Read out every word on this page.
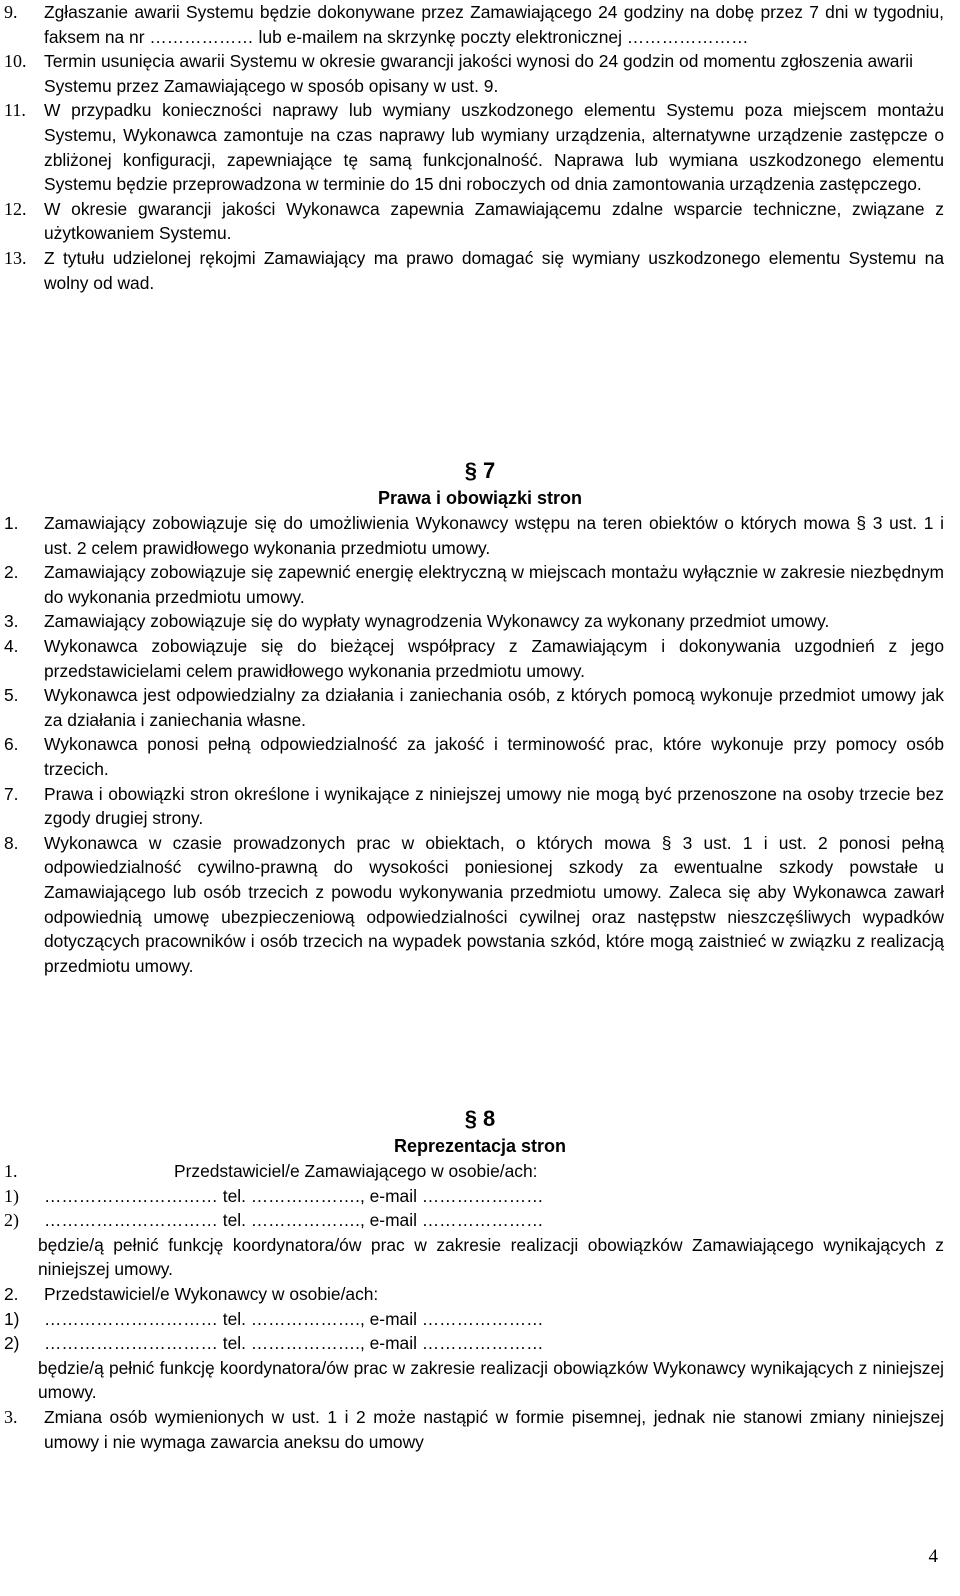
9. Zgłaszanie awarii Systemu będzie dokonywane przez Zamawiającego 24 godziny na dobę przez 7 dni w tygodniu, faksem na nr ……………… lub e-mailem na skrzynkę poczty elektronicznej …………………
10. Termin usunięcia awarii Systemu w okresie gwarancji jakości wynosi do 24 godzin od momentu zgłoszenia awarii Systemu przez Zamawiającego w sposób opisany w ust. 9.
11. W przypadku konieczności naprawy lub wymiany uszkodzonego elementu Systemu poza miejscem montażu Systemu, Wykonawca zamontuje na czas naprawy lub wymiany urządzenia, alternatywne urządzenie zastępcze o zbliżonej konfiguracji, zapewniające tę samą funkcjonalność. Naprawa lub wymiana uszkodzonego elementu Systemu będzie przeprowadzona w terminie do 15 dni roboczych od dnia zamontowania urządzenia zastępczego.
12. W okresie gwarancji jakości Wykonawca zapewnia Zamawiającemu zdalne wsparcie techniczne, związane z użytkowaniem Systemu.
13. Z tytułu udzielonej rękojmi Zamawiający ma prawo domagać się wymiany uszkodzonego elementu Systemu na wolny od wad.
§ 7
Prawa i obowiązki stron
1. Zamawiający zobowiązuje się do umożliwienia Wykonawcy wstępu na teren obiektów o których mowa § 3 ust. 1 i ust. 2 celem prawidłowego wykonania przedmiotu umowy.
2. Zamawiający zobowiązuje się zapewnić energię elektryczną w miejscach montażu wyłącznie w zakresie niezbędnym do wykonania przedmiotu umowy.
3. Zamawiający zobowiązuje się do wypłaty wynagrodzenia Wykonawcy za wykonany przedmiot umowy.
4. Wykonawca zobowiązuje się do bieżącej współpracy z Zamawiającym i dokonywania uzgodnień z jego przedstawicielami celem prawidłowego wykonania przedmiotu umowy.
5. Wykonawca jest odpowiedzialny za działania i zaniechania osób, z których pomocą wykonuje przedmiot umowy jak za działania i zaniechania własne.
6. Wykonawca ponosi pełną odpowiedzialność za jakość i terminowość prac, które wykonuje przy pomocy osób trzecich.
7. Prawa i obowiązki stron określone i wynikające z niniejszej umowy nie mogą być przenoszone na osoby trzecie bez zgody drugiej strony.
8. Wykonawca w czasie prowadzonych prac w obiektach, o których mowa § 3 ust. 1 i ust. 2 ponosi pełną odpowiedzialność cywilno-prawną do wysokości poniesionej szkody za ewentualne szkody powstałe u Zamawiającego lub osób trzecich z powodu wykonywania przedmiotu umowy. Zaleca się aby Wykonawca zawarł odpowiednią umowę ubezpieczeniową odpowiedzialności cywilnej oraz następstw nieszczęśliwych wypadków dotyczących pracowników i osób trzecich na wypadek powstania szkód, które mogą zaistnieć w związku z realizacją przedmiotu umowy.
§ 8
Reprezentacja stron
1.	Przedstawiciel/e Zamawiającego w osobie/ach:
1) ………………………… tel. ………………., e-mail …………………
2) ………………………… tel. ………………., e-mail …………………
będzie/ą pełnić funkcję koordynatora/ów prac w zakresie realizacji obowiązków Zamawiającego wynikających z niniejszej umowy.
2. Przedstawiciel/e Wykonawcy w osobie/ach:
1) ………………………… tel. ………………., e-mail …………………
2) ………………………… tel. ………………., e-mail …………………
będzie/ą pełnić funkcję koordynatora/ów prac w zakresie realizacji obowiązków Wykonawcy wynikających z niniejszej umowy.
3. Zmiana osób wymienionych w ust. 1 i 2 może nastąpić w formie pisemnej, jednak nie stanowi zmiany niniejszej umowy i nie wymaga zawarcia aneksu do umowy
4
